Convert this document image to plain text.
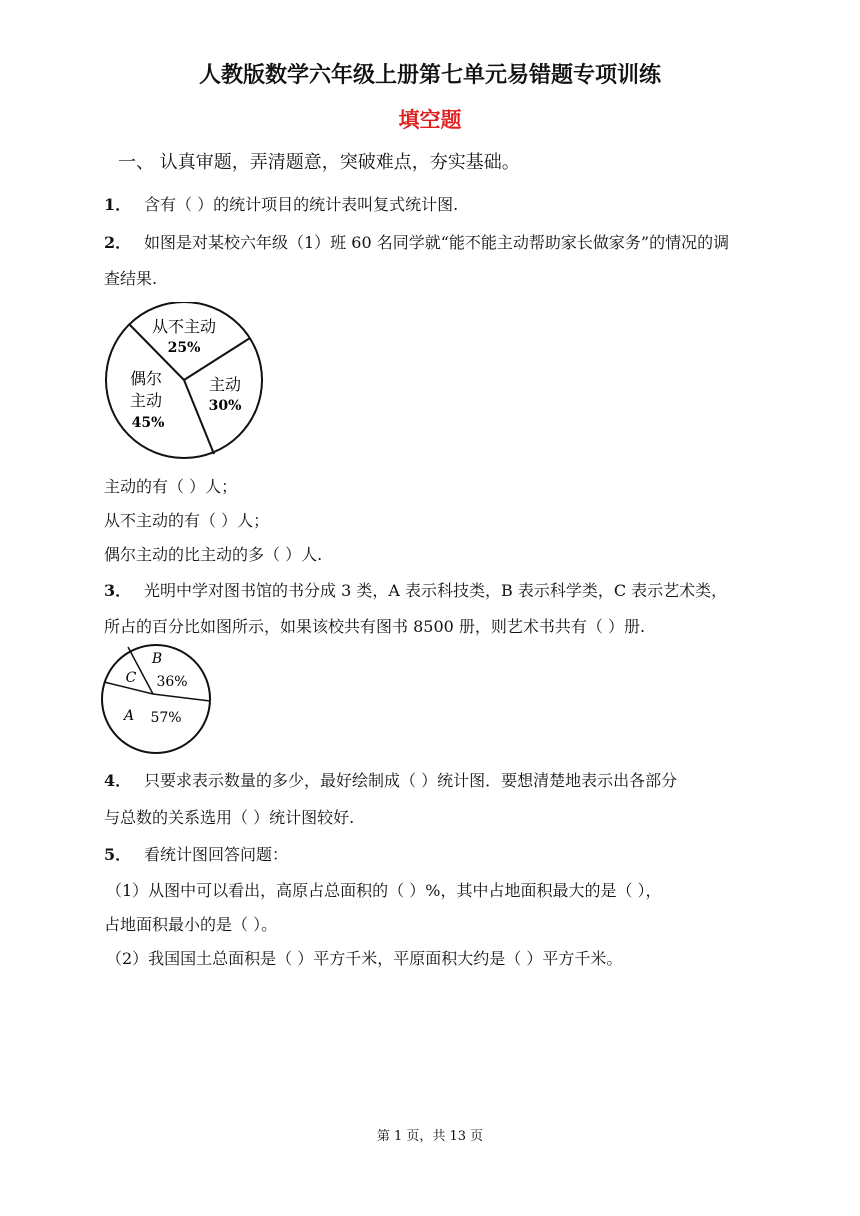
人教版数学六年级上册第七单元易错题专项训练
填空题
一、 认真审题，弄清题意，突破难点，夯实基础。
1． 含有（ ）的统计项目的统计表叫复式统计图.
2． 如图是对某校六年级（1）班 60 名同学就“能不能主动帮助家长做家务”的情况的调
查结果.
从不主动
25%
主动
30%
偶尔
主动
45%
主动的有（ ）人；
从不主动的有（ ）人；
偶尔主动的比主动的多（ ）人.
3． 光明中学对图书馆的书分成 3 类，A 表示科技类，B 表示科学类，C 表示艺术类，
所占的百分比如图所示，如果该校共有图书 8500 册，则艺术书共有（ ）册.
B
36%
A 57%
C
4． 只要求表示数量的多少，最好绘制成（ ）统计图．要想清楚地表示出各部分
与总数的关系选用（ ）统计图较好.
5． 看统计图回答问题：
（1）从图中可以看出，高原占总面积的（ ）%，其中占地面积最大的是（ ），
占地面积最小的是（ ）。
（2）我国国土总面积是（ ）平方千米，平原面积大约是（ ）平方千米。
第 1 页，共 13 页
